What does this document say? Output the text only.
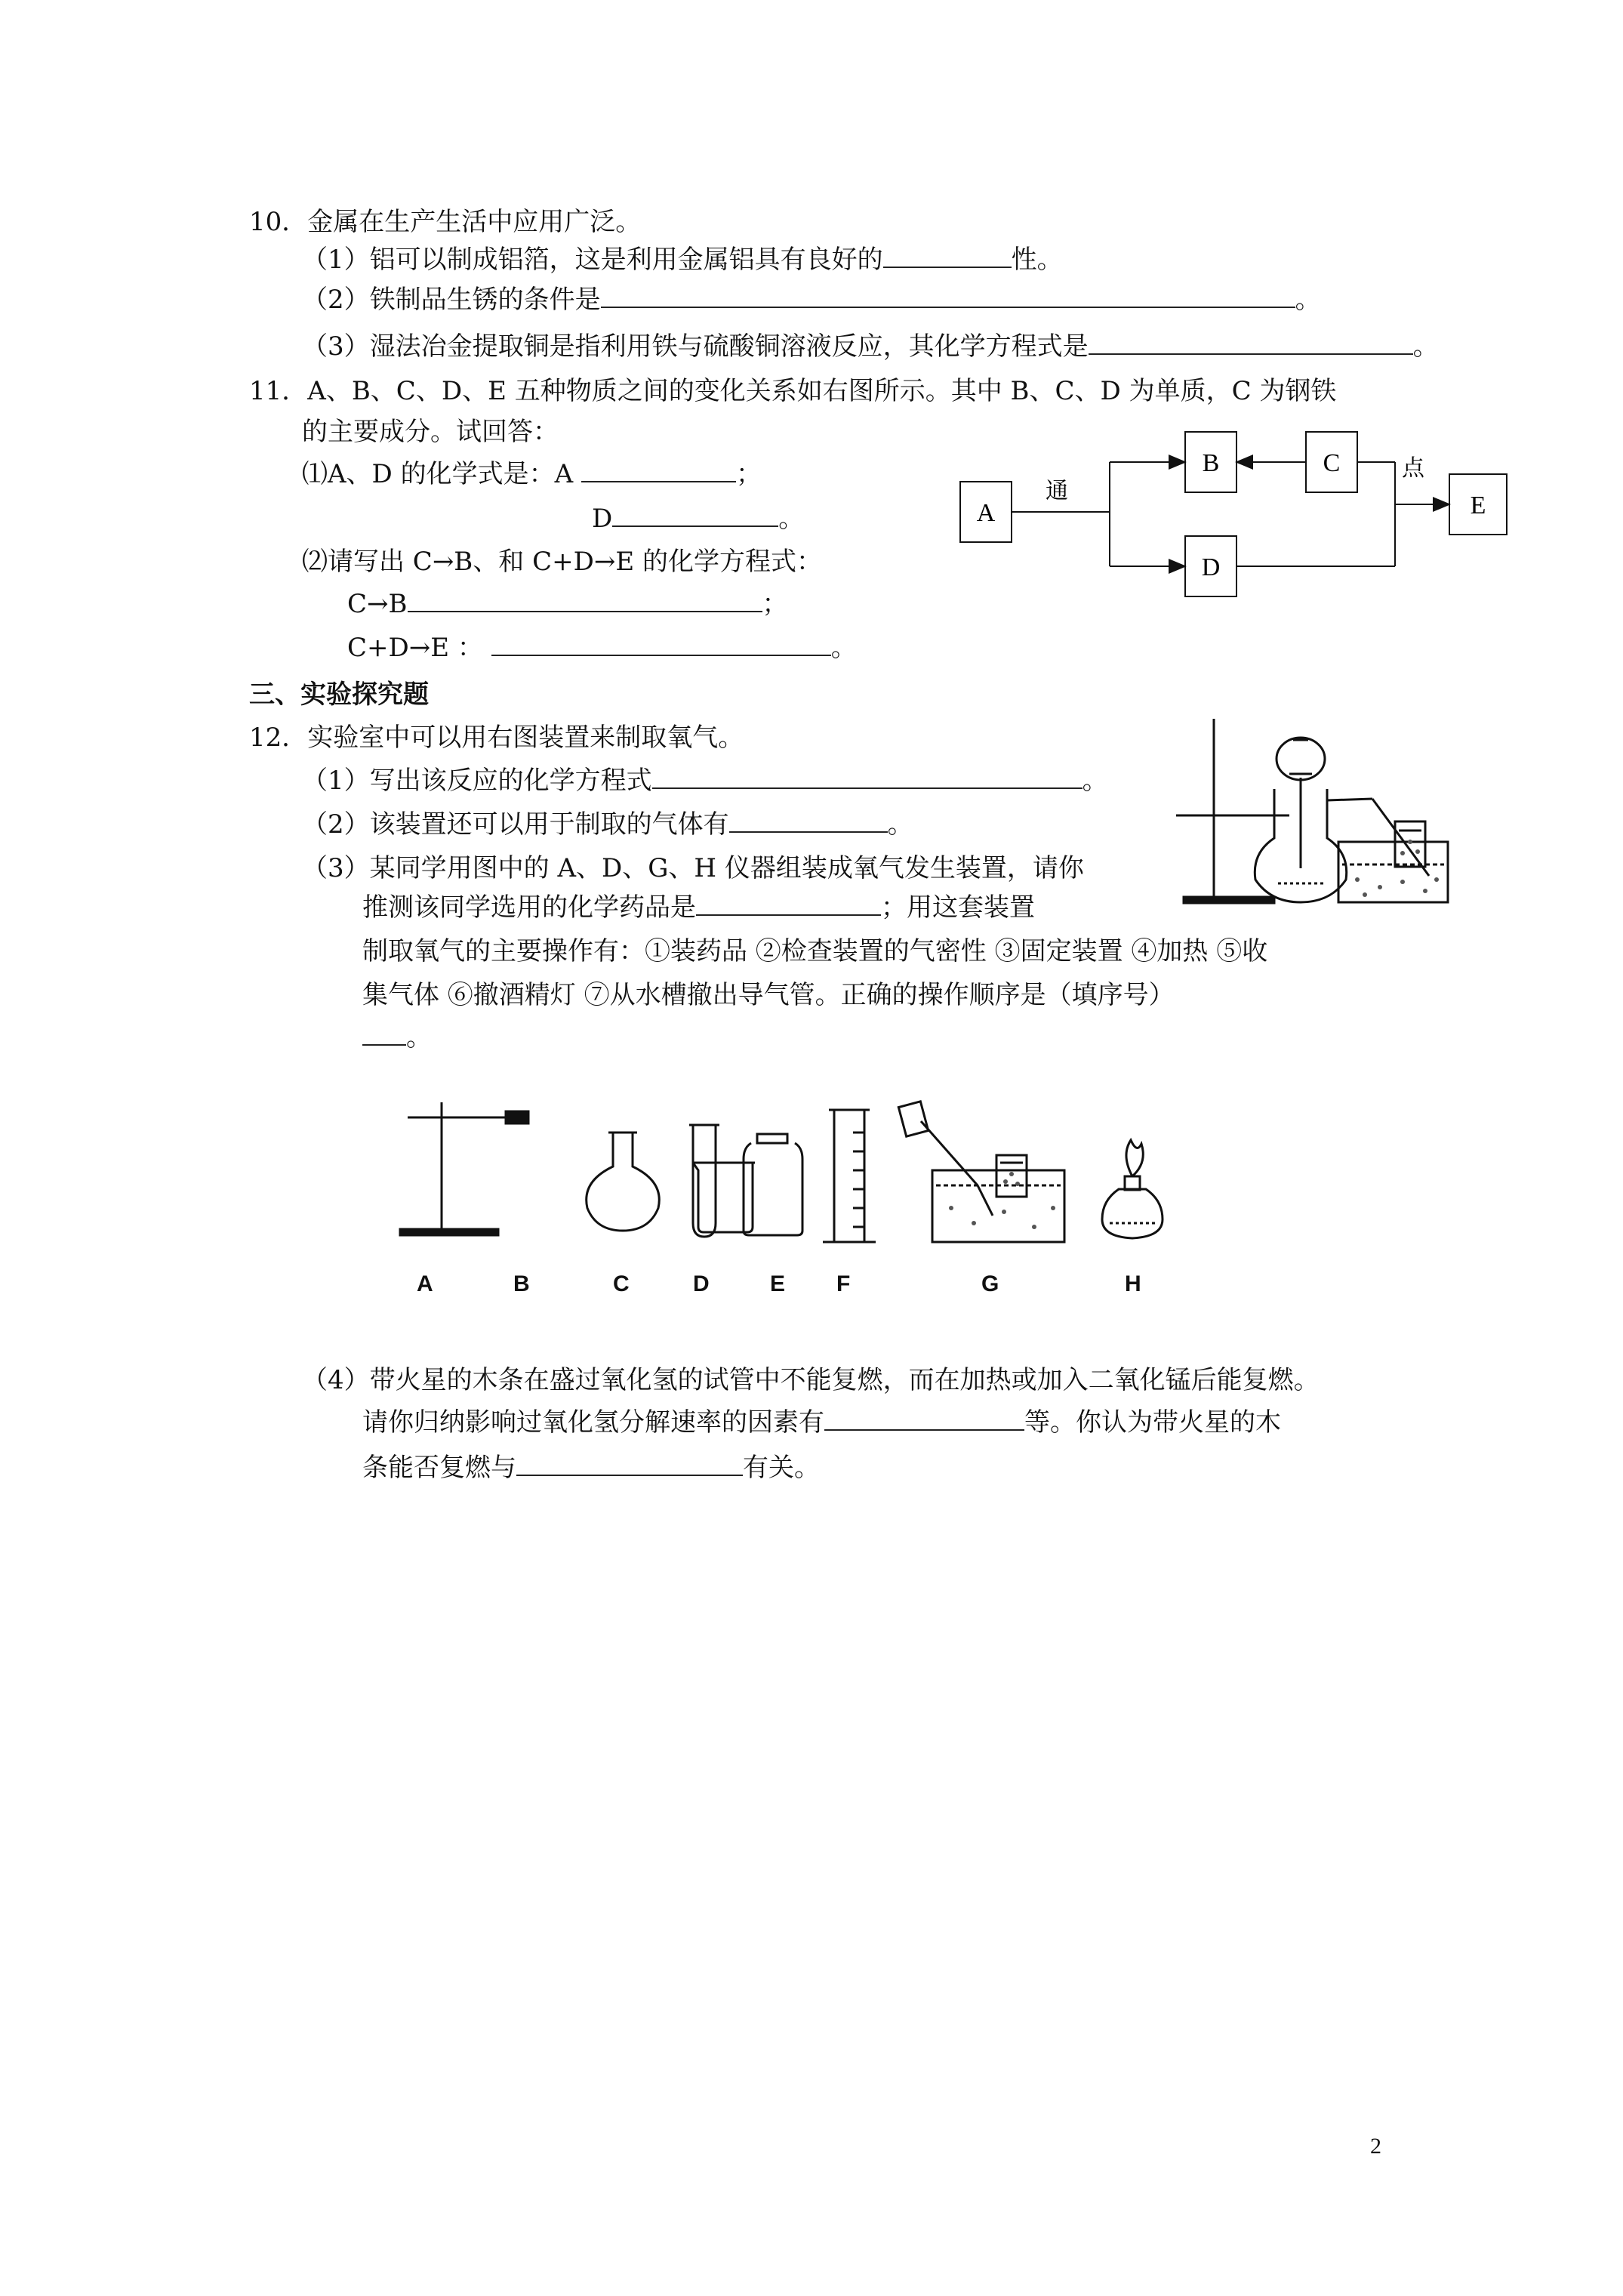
10．金属在生产生活中应用广泛。
（1）铝可以制成铝箔，这是利用金属铝具有良好的	性。
（2）铁制品生锈的条件是	。
（3）湿法冶金提取铜是指利用铁与硫酸铜溶液反应，其化学方程式是	。
11．A、B、C、D、E 五种物质之间的变化关系如右图所示。其中 B、C、D 为单质，C 为钢铁
的主要成分。试回答：
⑴A、D 的化学式是：A	；
D	。
⑵请写出 C→B、和 C+D→E 的化学方程式：
C→B	；
C+D→E ：	。
A
B	C
D
E
通
点
三、实验探究题
12．实验室中可以用右图装置来制取氧气。
（1）写出该反应的化学方程式	。
（2）该装置还可以用于制取的气体有	。
（3）某同学用图中的 A、D、G、H 仪器组装成氧气发生装置，请你
推测该同学选用的化学药品是	；用这套装置
制取氧气的主要操作有：①装药品 ②检查装置的气密性 ③固定装置 ④加热 ⑤收
集气体 ⑥撤酒精灯 ⑦从水槽撤出导气管。正确的操作顺序是（填序号）
。
A	B	C	D	E F	G	H
（4）带火星的木条在盛过氧化氢的试管中不能复燃，而在加热或加入二氧化锰后能复燃。
请你归纳影响过氧化氢分解速率的因素有	等。你认为带火星的木
条能否复燃与	有关。
2
